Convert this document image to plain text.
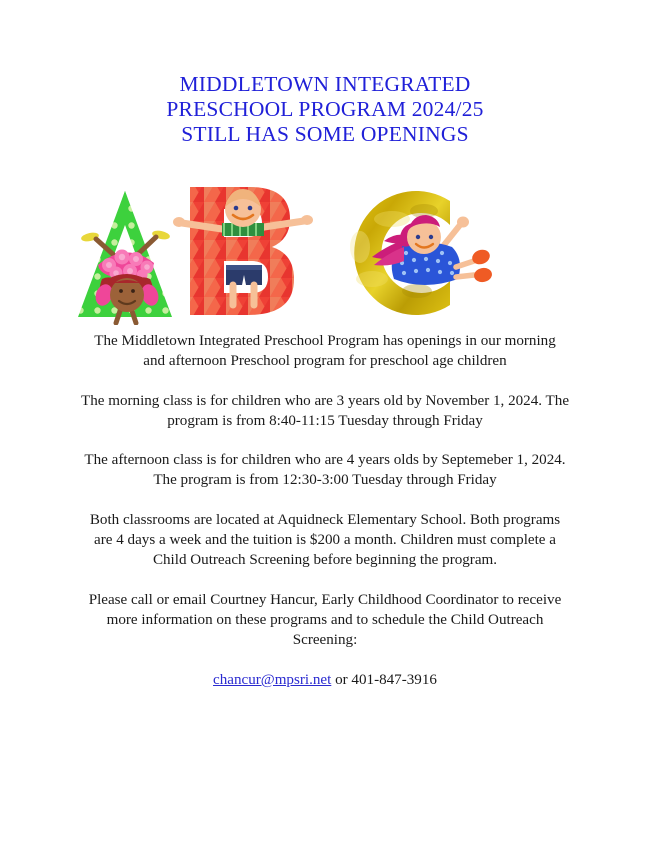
MIDDLETOWN INTEGRATED
PRESCHOOL PROGRAM 2024/25
STILL HAS SOME OPENINGS

The Middletown Integrated Preschool Program has openings in our morning and afternoon Preschool program for preschool age children

The morning class is for children who are 3 years old by November 1, 2024. The program is from 8:40-11:15 Tuesday through Friday

The afternoon class is for children who are 4 years olds by Septemeber 1, 2024. The program is from 12:30-3:00 Tuesday through Friday

Both classrooms are located at Aquidneck Elementary School. Both programs are 4 days a week and the tuition is $200 a month. Children must complete a Child Outreach Screening before beginning the program.

Please call or email Courtney Hancur, Early Childhood Coordinator to receive more information on these programs and to schedule the Child Outreach Screening:

chancur@mpsri.net or 401-847-3916
